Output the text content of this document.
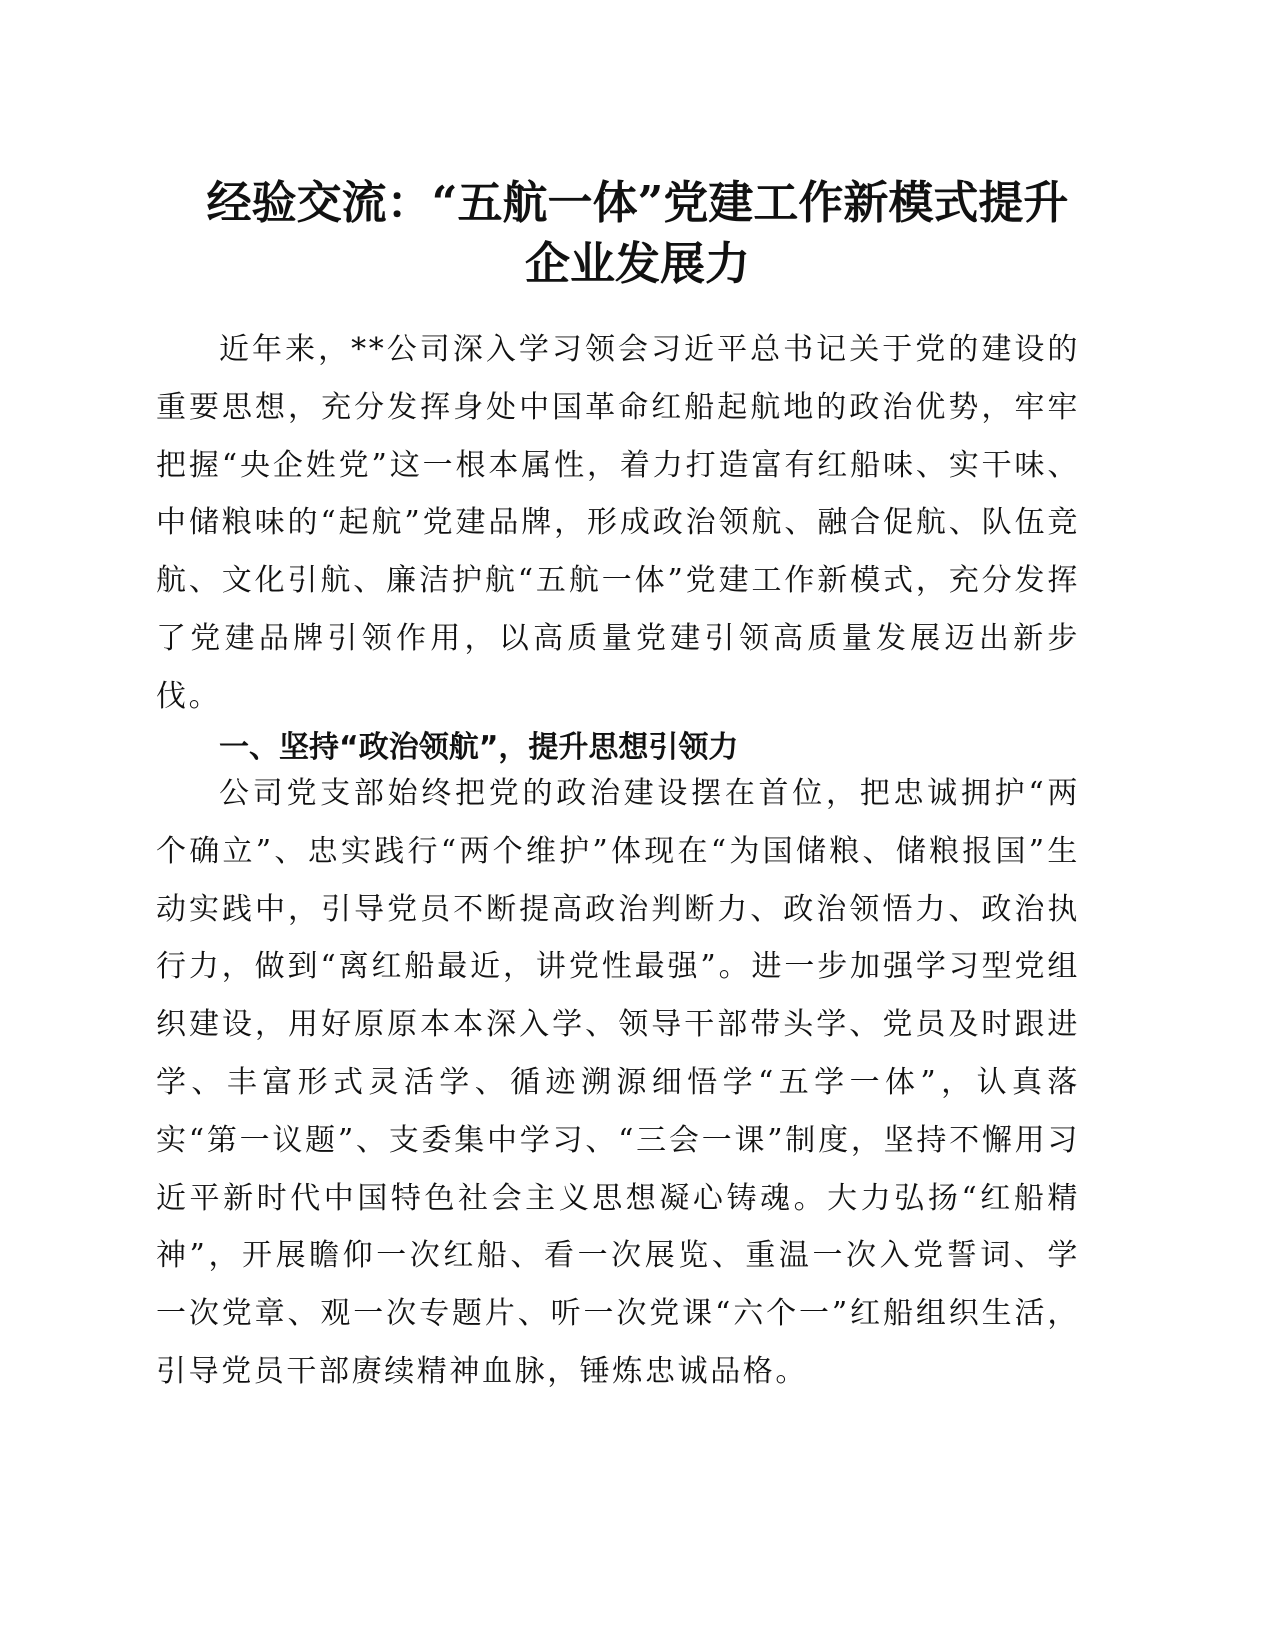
经验交流：“五航一体”党建工作新模式提升
企业发展力

近年来，**公司深入学习领会习近平总书记关于党的建设的重要思想，充分发挥身处中国革命红船起航地的政治优势，牢牢把握“央企姓党”这一根本属性，着力打造富有红船味、实干味、中储粮味的“起航”党建品牌，形成政治领航、融合促航、队伍竞航、文化引航、廉洁护航“五航一体”党建工作新模式，充分发挥了党建品牌引领作用，以高质量党建引领高质量发展迈出新步伐。

一、坚持“政治领航”，提升思想引领力

公司党支部始终把党的政治建设摆在首位，把忠诚拥护“两个确立”、忠实践行“两个维护”体现在“为国储粮、储粮报国”生动实践中，引导党员不断提高政治判断力、政治领悟力、政治执行力，做到“离红船最近，讲党性最强”。进一步加强学习型党组织建设，用好原原本本深入学、领导干部带头学、党员及时跟进学、丰富形式灵活学、循迹溯源细悟学“五学一体”，认真落实“第一议题”、支委集中学习、“三会一课”制度，坚持不懈用习近平新时代中国特色社会主义思想凝心铸魂。大力弘扬“红船精神”，开展瞻仰一次红船、看一次展览、重温一次入党誓词、学一次党章、观一次专题片、听一次党课“六个一”红船组织生活，引导党员干部赓续精神血脉，锤炼忠诚品格。
